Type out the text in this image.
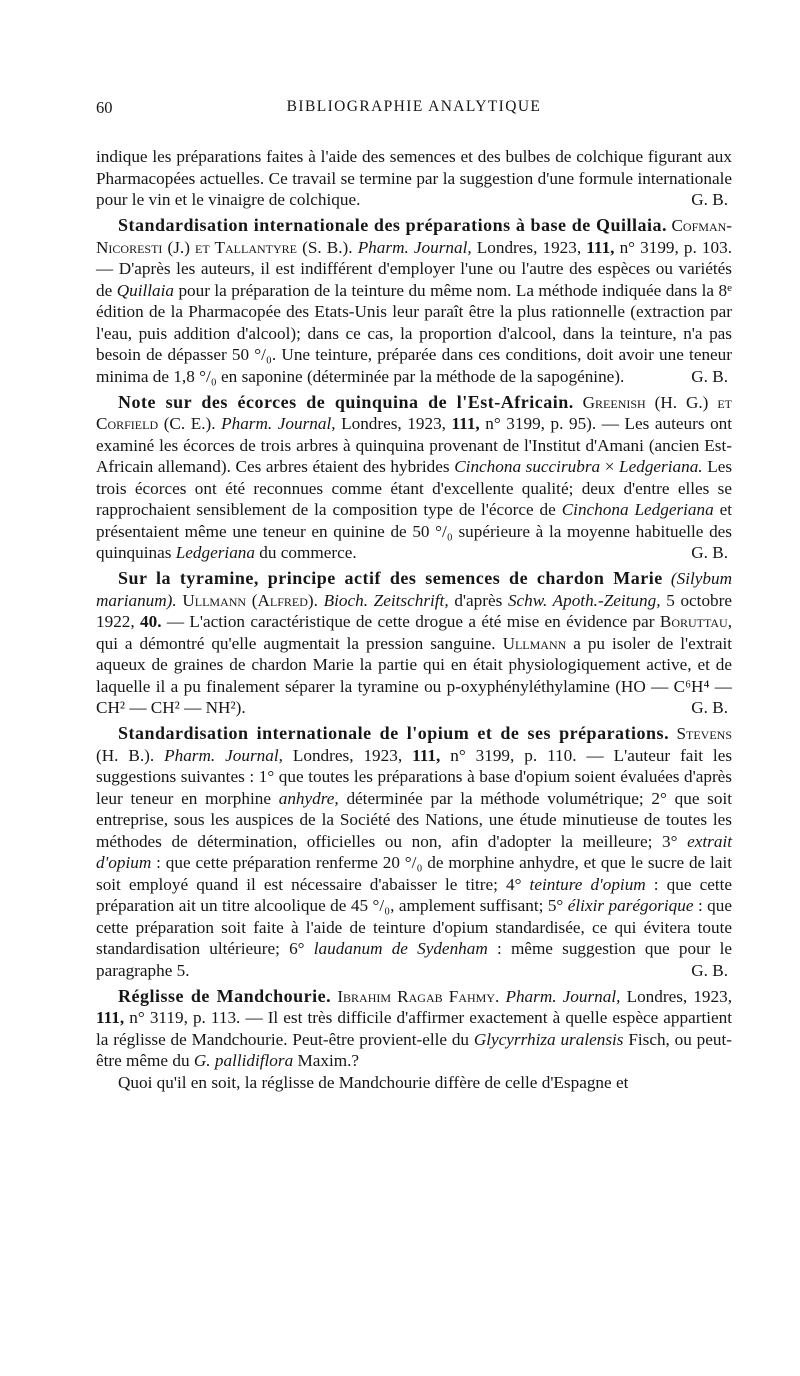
60	BIBLIOGRAPHIE ANALYTIQUE

indique les préparations faites à l'aide des semences et des bulbes de colchique figurant aux Pharmacopées actuelles. Ce travail se termine par la suggestion d'une formule internationale pour le vin et le vinaigre de colchique.	G. B.

Standardisation internationale des préparations à base de Quillaia. Cofman-Nicoresti (J.) et Tallantyre (S. B.). Pharm. Journal, Londres, 1923, 111, n° 3199, p. 103. — D'après les auteurs, il est indifférent d'employer l'une ou l'autre des espèces ou variétés de Quillaia pour la préparation de la teinture du même nom. La méthode indiquée dans la 8e édition de la Pharmacopée des Etats-Unis leur paraît être la plus rationnelle (extraction par l'eau, puis addition d'alcool); dans ce cas, la proportion d'alcool, dans la teinture, n'a pas besoin de dépasser 50 °/₀. Une teinture, préparée dans ces conditions, doit avoir une teneur minima de 1,8 °/₀ en saponine (déterminée par la méthode de la sapogénine).	G. B.

Note sur des écorces de quinquina de l'Est-Africain. Greenish (H. G.) et Corfield (C. E.). Pharm. Journal, Londres, 1923, 111, n° 3199, p. 95). — Les auteurs ont examiné les écorces de trois arbres à quinquina provenant de l'Institut d'Amani (ancien Est-Africain allemand). Ces arbres étaient des hybrides Cinchona succirubra × Ledgeriana. Les trois écorces ont été reconnues comme étant d'excellente qualité; deux d'entre elles se rapprochaient sensiblement de la composition type de l'écorce de Cinchona Ledgeriana et présentaient même une teneur en quinine de 50 °/₀ supérieure à la moyenne habituelle des quinquinas Ledgeriana du commerce.	G. B.

Sur la tyramine, principe actif des semences de chardon Marie (Silybum marianum). Ullmann (Alfred). Bioch. Zeitschrift, d'après Schw. Apoth.-Zeitung, 5 octobre 1922, 40. — L'action caractéristique de cette drogue a été mise en évidence par Boruttau, qui a démontré qu'elle augmentait la pression sanguine. Ullmann a pu isoler de l'extrait aqueux de graines de chardon Marie la partie qui en était physiologiquement active, et de laquelle il a pu finalement séparer la tyramine ou p-oxyphényléthylamine (HO — C⁶H⁴ — CH² — CH² — NH²).	G. B.

Standardisation internationale de l'opium et de ses préparations. Stevens (H. B.). Pharm. Journal, Londres, 1923, 111, n° 3199, p. 110. — L'auteur fait les suggestions suivantes : 1° que toutes les préparations à base d'opium soient évaluées d'après leur teneur en morphine anhydre, déterminée par la méthode volumétrique; 2° que soit entreprise, sous les auspices de la Société des Nations, une étude minutieuse de toutes les méthodes de détermination, officielles ou non, afin d'adopter la meilleure; 3° extrait d'opium : que cette préparation renferme 20 °/₀ de morphine anhydre, et que le sucre de lait soit employé quand il est nécessaire d'abaisser le titre; 4° teinture d'opium : que cette préparation ait un titre alcoolique de 45 °/₀, amplement suffisant; 5° élixir parégorique : que cette préparation soit faite à l'aide de teinture d'opium standardisée, ce qui évitera toute standardisation ultérieure; 6° laudanum de Sydenham : même suggestion que pour le paragraphe 5.	G. B.

Réglisse de Mandchourie. Ibrahim Ragab Fahmy. Pharm. Journal, Londres, 1923, 111, n° 3119, p. 113. — Il est très difficile d'affirmer exactement à quelle espèce appartient la réglisse de Mandchourie. Peut-être provient-elle du Glycyrrhiza uralensis Fisch, ou peut-être même du G. pallidiflora Maxim.?

Quoi qu'il en soit, la réglisse de Mandchourie diffère de celle d'Espagne et
